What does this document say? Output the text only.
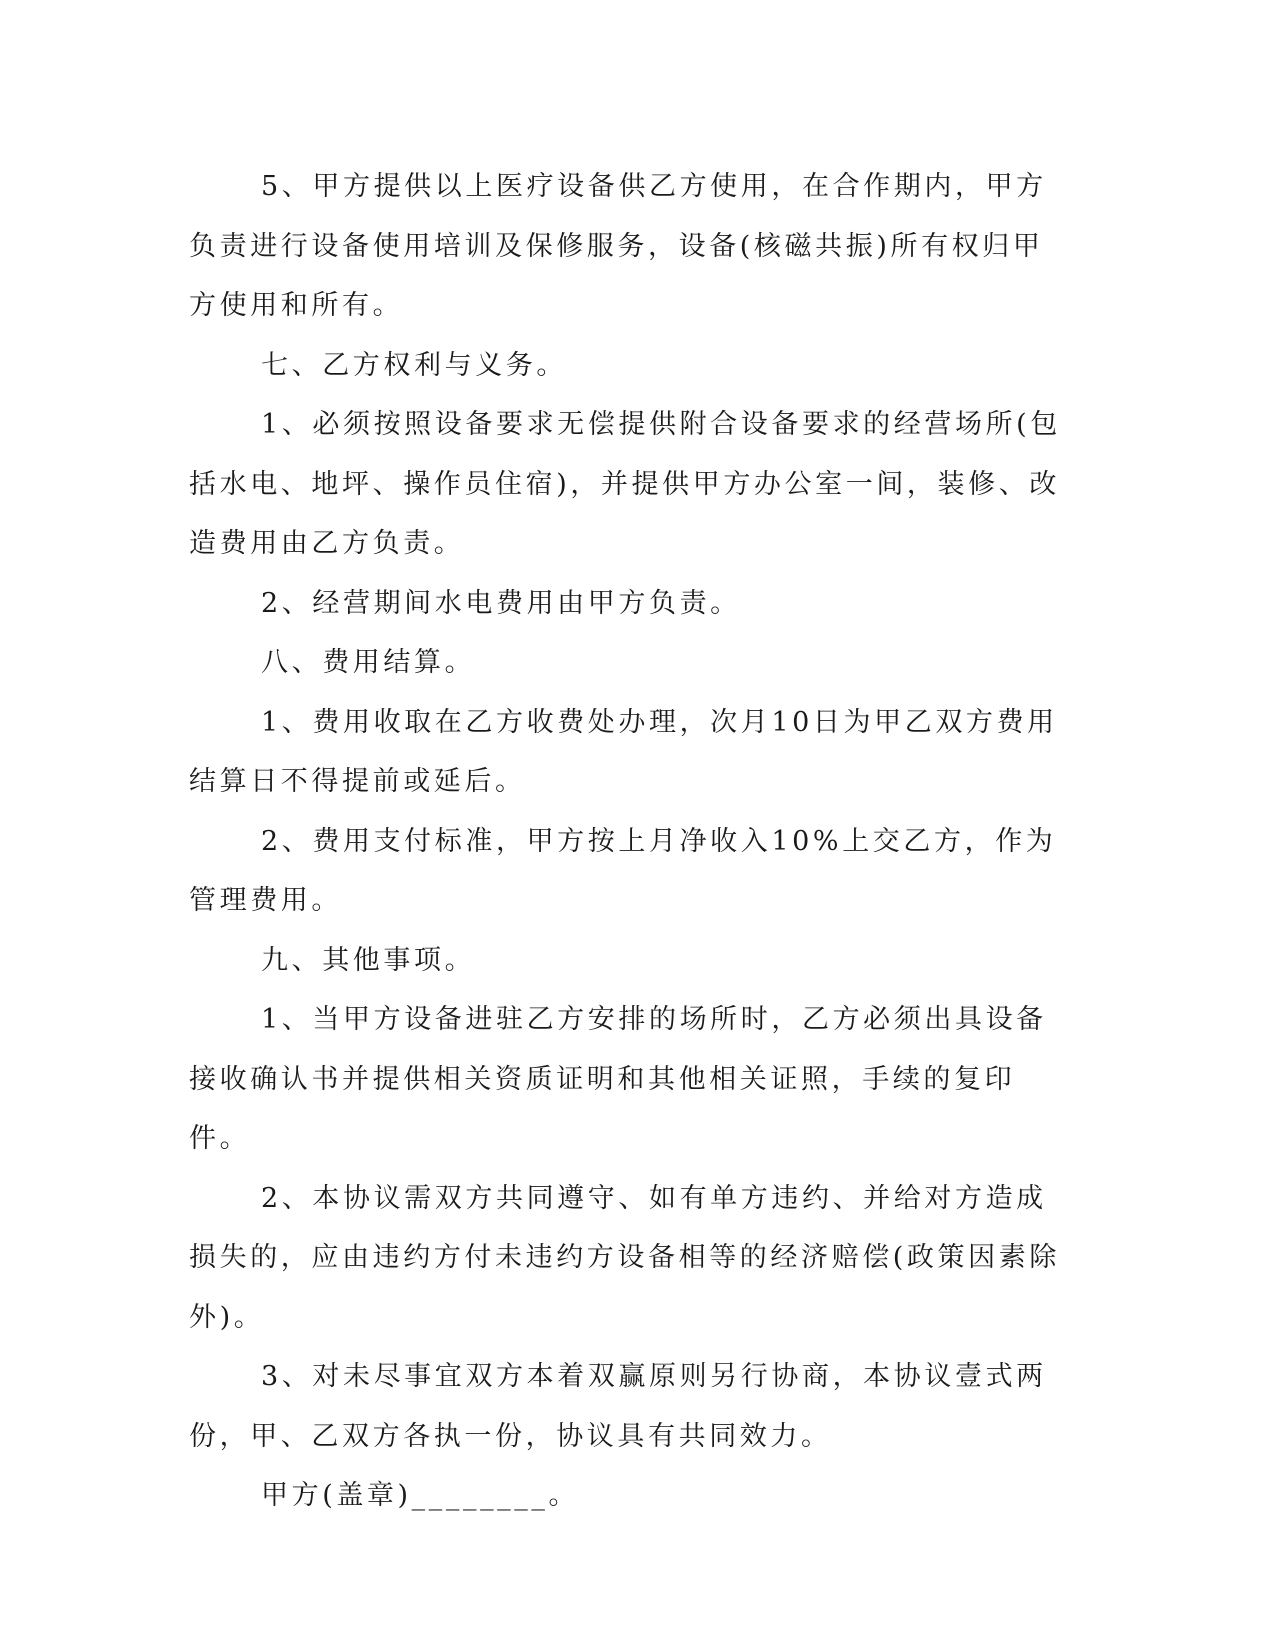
5、甲方提供以上医疗设备供乙方使用，在合作期内，甲方负责进行设备使用培训及保修服务，设备(核磁共振)所有权归甲方使用和所有。

七、乙方权利与义务。

1、必须按照设备要求无偿提供附合设备要求的经营场所(包括水电、地坪、操作员住宿)，并提供甲方办公室一间，装修、改造费用由乙方负责。

2、经营期间水电费用由甲方负责。

八、费用结算。

1、费用收取在乙方收费处办理，次月10日为甲乙双方费用结算日不得提前或延后。

2、费用支付标准，甲方按上月净收入10%上交乙方，作为管理费用。

九、其他事项。

1、当甲方设备进驻乙方安排的场所时，乙方必须出具设备接收确认书并提供相关资质证明和其他相关证照，手续的复印件。

2、本协议需双方共同遵守、如有单方违约、并给对方造成损失的，应由违约方付未违约方设备相等的经济赔偿(政策因素除外)。

3、对未尽事宜双方本着双赢原则另行协商，本协议壹式两份，甲、乙双方各执一份，协议具有共同效力。

甲方(盖章)________。
